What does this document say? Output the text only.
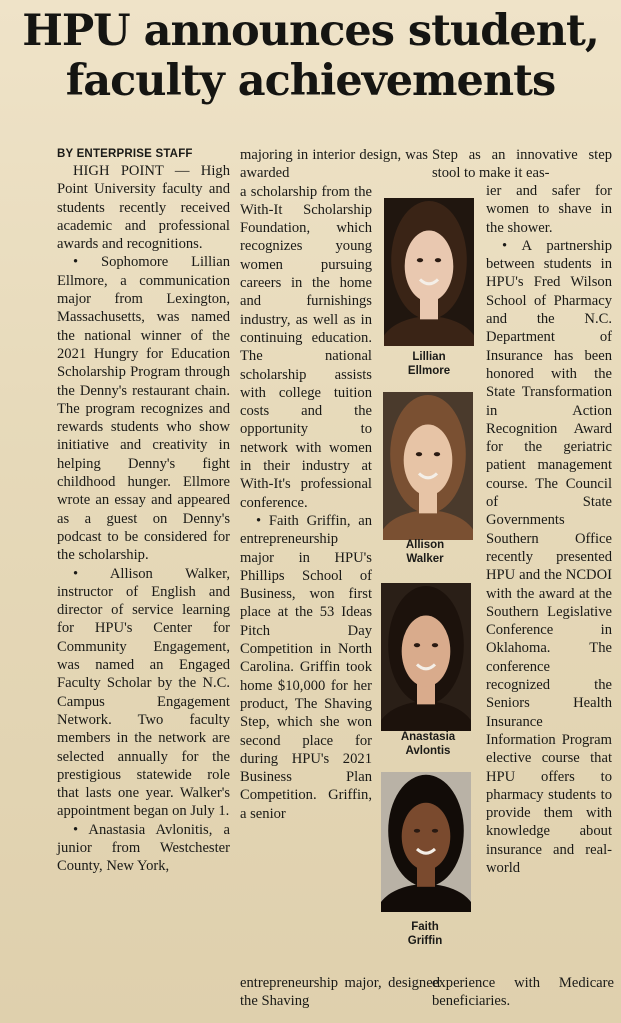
HPU announces student,
faculty achievements

BY ENTERPRISE STAFF

HIGH POINT — High Point University faculty and students recently received academic and professional awards and recognitions.

• Sophomore Lillian Ellmore, a communication major from Lexington, Massachusetts, was named the national winner of the 2021 Hungry for Education Scholarship Program through the Denny's restaurant chain. The program recognizes and rewards students who show initiative and creativity in helping Denny's fight childhood hunger. Ellmore wrote an essay and appeared as a guest on Denny's podcast to be considered for the scholarship.

• Allison Walker, instructor of English and director of service learning for HPU's Center for Community Engagement, was named an Engaged Faculty Scholar by the N.C. Campus Engagement Network. Two faculty members in the network are selected annually for the prestigious statewide role that lasts one year. Walker's appointment began on July 1.

• Anastasia Avlonitis, a junior from Westchester County, New York,

majoring in interior design, was awarded

a scholarship from the With-It Scholarship Foundation, which recognizes young women pursuing careers in the home and furnishings industry, as well as in continuing education. The national scholarship assists with college tuition costs and the opportunity to network with women in their industry at With-It's professional conference.

• Faith Griffin, an entrepreneurship major in HPU's Phillips School of Business, won first place at the 53 Ideas Pitch Day Competition in North Carolina. Griffin took home $10,000 for her product, The Shaving Step, which she won second place for during HPU's 2021 Business Plan Competition. Griffin, a senior

entrepreneurship major, designed the Shaving

Step as an innovative step stool to make it eas-

ier and safer for women to shave in the shower.

• A partnership between students in HPU's Fred Wilson School of Pharmacy and the N.C. Department of Insurance has been honored with the State Transformation in Action Recognition Award for the geriatric patient management course. The Council of State Governments Southern Office recently presented HPU and the NCDOI with the award at the Southern Legislative Conference in Oklahoma. The conference recognized the Seniors Health Insurance Information Program elective course that HPU offers to pharmacy students to provide them with knowledge about insurance and real-world

experience with Medicare beneficiaries.

Lillian
Ellmore
Allison
Walker
Anastasia
Avlontis
Faith
Griffin
